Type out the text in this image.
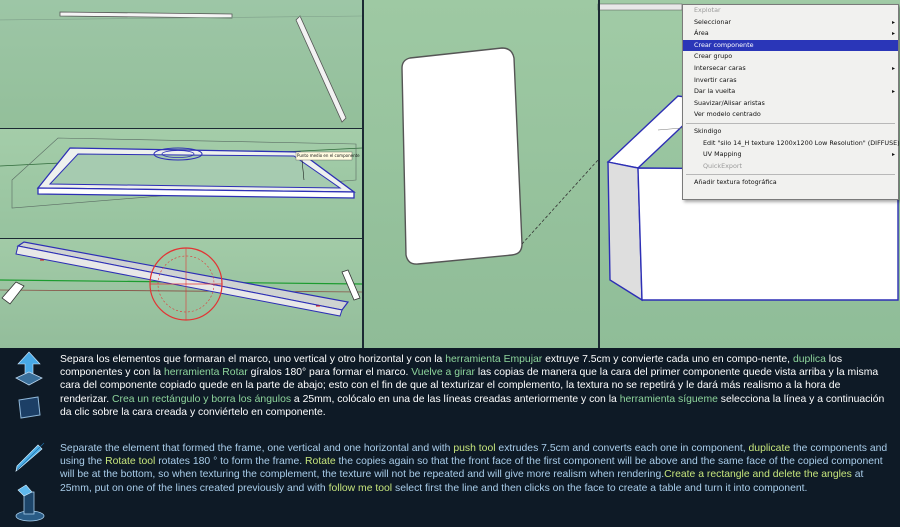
Punto medio en el componente
Explotar
Seleccionar	▸
Área	▸
Crear componente
Crear grupo
Intersecar caras	▸
Invertir caras
Dar la vuelta	▸
Suavizar/Alisar aristas
Ver modelo centrado
Skindigo
Edit "silo 14_H texture 1200x1200 Low Resolution" (DIFFUSE)
UV Mapping	▸
QuickExport
Añadir textura fotográfica

Separa los elementos que formaran el marco, uno vertical y otro horizontal y con la herramienta Empujar extruye 7.5cm y convierte cada uno en compo-nente, duplica los componentes y con la herramienta Rotar gíralos 180° para formar el marco. Vuelve a girar las copias de manera que la cara del primer componente quede vista arriba y la misma cara del componente copiado quede en la parte de abajo; esto con el fin de que al texturizar el complemento, la textura no se repetirá y le dará más realismo a la hora de renderizar. Crea un rectángulo y borra los ángulos a 25mm, colócalo en una de las líneas creadas anteriormente y con la herramienta sígueme selecciona la línea y a continuación da clic sobre la cara creada y conviértelo en componente.

Separate the element that formed the frame, one vertical and one horizontal and with push tool extrudes 7.5cm and converts each one in component, duplicate the components and using the Rotate tool rotates 180 ° to form the frame. Rotate the copies again so that the front face of the first component will be above and the same face of the copied component will be at the bottom, so when texturing the complement, the texture will not be repeated and will give more realism when rendering.Create a rectangle and delete the angles at 25mm, put on one of the lines created previously and with follow me tool select first the line and then clicks on the face to create a table and turn it into component.
